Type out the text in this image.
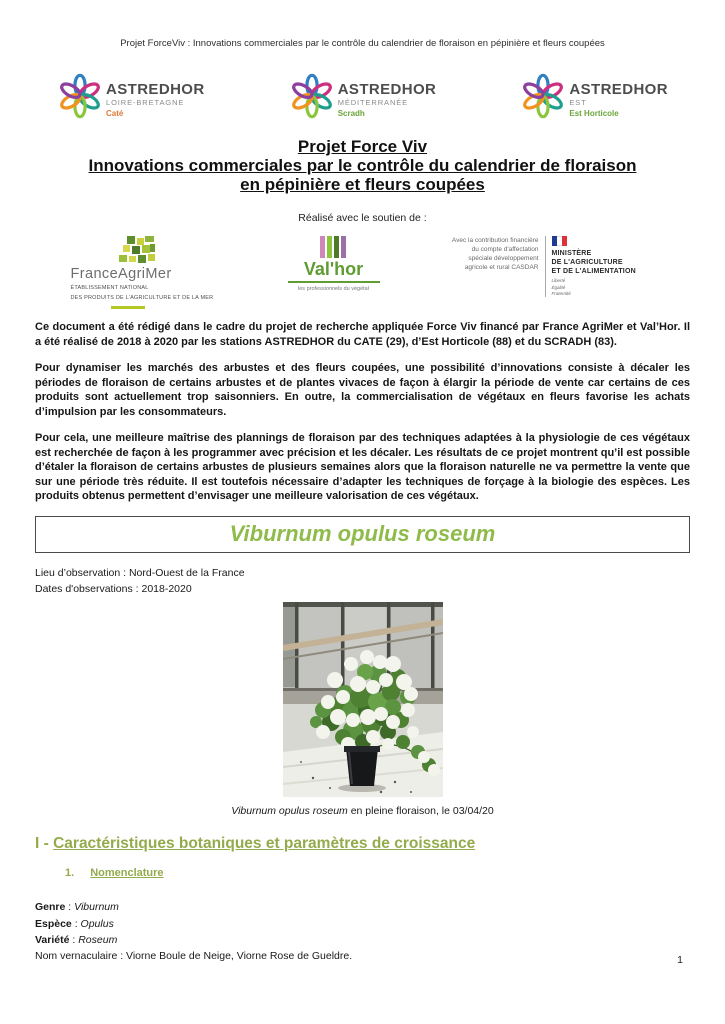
Projet ForceViv : Innovations commerciales par le contrôle du calendrier de floraison en pépinière et fleurs coupées
ASTREDHOR
LOIRE-BRETAGNE
Caté
ASTREDHOR
MÉDITERRANÉE
Scradh
ASTREDHOR
EST
Est Horticole
Projet Force Viv
Innovations commerciales par le contrôle du calendrier de floraison
en pépinière et fleurs coupées
Réalisé avec le soutien de :
FranceAgriMer
ÉTABLISSEMENT NATIONAL
DES PRODUITS DE L'AGRICULTURE ET DE LA MER
Val'hor
les professionnels du végétal
Avec la contribution financière du compte d'affectation spéciale développement agricole et rural CASDAR
MINISTÈRE
DE L'AGRICULTURE
ET DE L'ALIMENTATION
Liberté
Égalité
Fraternité

Ce document a été rédigé dans le cadre du projet de recherche appliquée Force Viv financé par France AgriMer et Val’Hor. Il a été réalisé de 2018 à 2020 par les stations ASTREDHOR du CATE (29), d’Est Horticole (88) et du SCRADH (83).

Pour dynamiser les marchés des arbustes et des fleurs coupées, une possibilité d’innovations consiste à décaler les périodes de floraison de certains arbustes et de plantes vivaces de façon à élargir la période de vente car certains de ces produits sont actuellement trop saisonniers. En outre, la commercialisation de végétaux en fleurs favorise les achats d’impulsion par les consommateurs.

Pour cela, une meilleure maîtrise des plannings de floraison par des techniques adaptées à la physiologie de ces végétaux est recherchée de façon à les programmer avec précision et les décaler. Les résultats de ce projet montrent qu’il est possible d’étaler la floraison de certains arbustes de plusieurs semaines alors que la floraison naturelle ne va permettre la vente que sur une période très réduite. Il est toutefois nécessaire d’adapter les techniques de forçage à la biologie des espèces. Les produits obtenus permettent d’envisager une meilleure valorisation de ces végétaux.

Viburnum opulus roseum
Lieu d’observation : Nord-Ouest de la France
Dates d'observations : 2018-2020
Viburnum opulus roseum en pleine floraison, le 03/04/20
I - Caractéristiques botaniques et paramètres de croissance
1. Nomenclature
Genre : Viburnum
Espèce : Opulus
Variété : Roseum
Nom vernaculaire : Viorne Boule de Neige, Viorne Rose de Gueldre.	1
